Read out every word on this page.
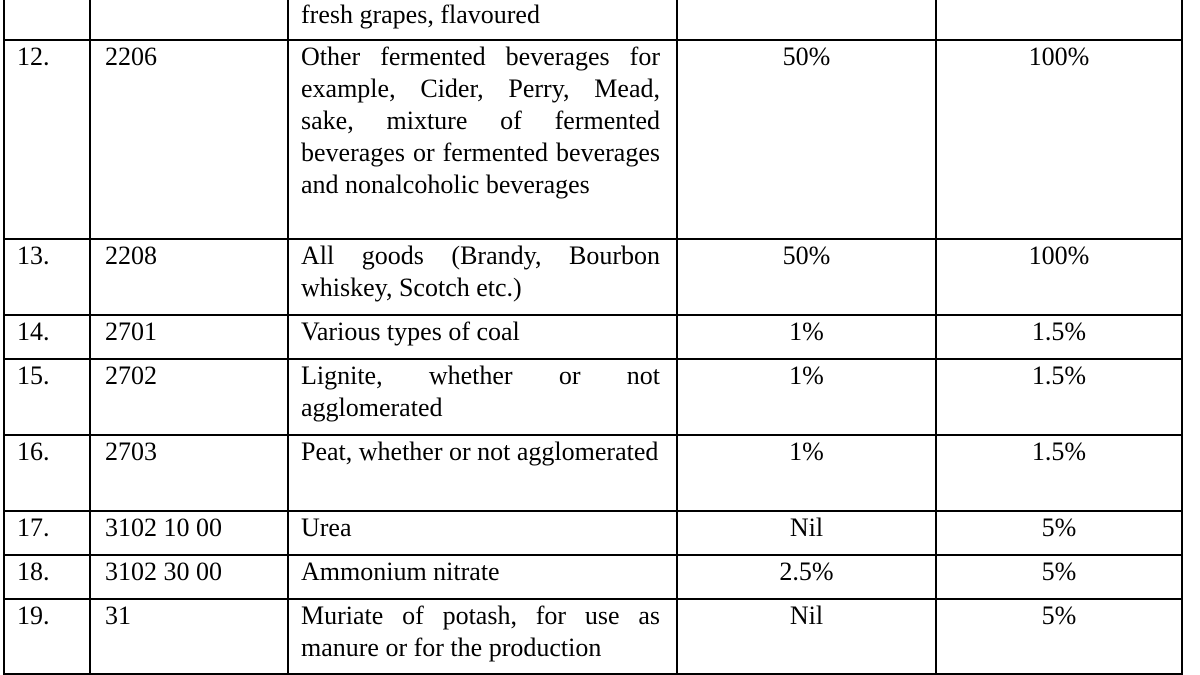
		fresh grapes, flavoured		

12.	2206	Other fermented beverages for example, Cider, Perry, Mead, sake, mixture of fermented beverages or fermented beverages and nonalcoholic beverages	50%	100%
13.	2208	All goods (Brandy, Bourbon whiskey, Scotch etc.)	50%	100%
14.	2701	Various types of coal	1%	1.5%
15.	2702	Lignite, whether or not agglomerated	1%	1.5%
16.	2703	Peat, whether or not agglomerated	1%	1.5%
17.	3102 10 00	Urea	Nil	5%
18.	3102 30 00	Ammonium nitrate	2.5%	5%
19.	31	Muriate of potash, for use as manure or for the production	Nil	5%
